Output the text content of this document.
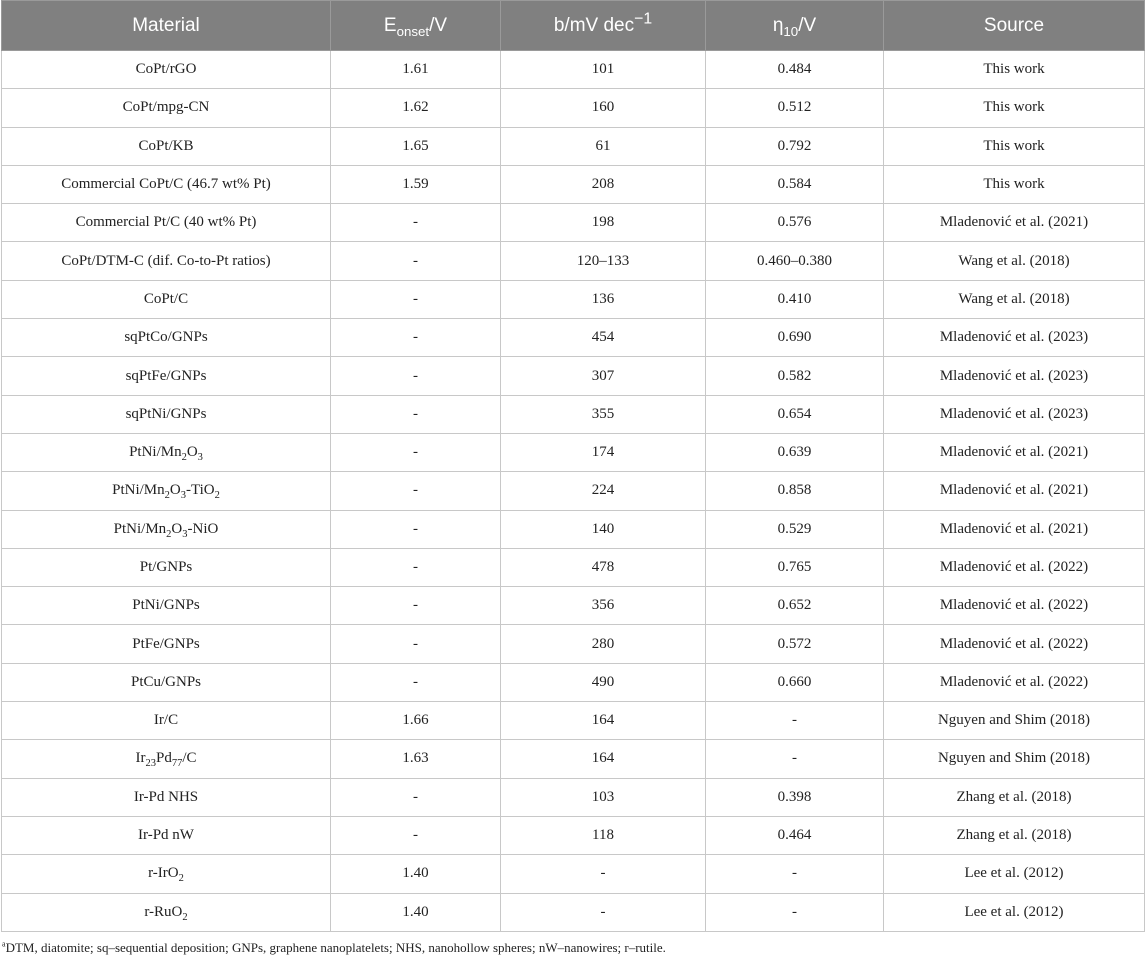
Material	$E_{onset}/V$	b/mV dec$^{-1}$	$\eta_{10}/V$	Source
CoPt/rGO	1.61	101	0.484	This work
CoPt/mpg-CN	1.62	160	0.512	This work
CoPt/KB	1.65	61	0.792	This work
Commercial CoPt/C (46.7 wt% Pt)	1.59	208	0.584	This work
Commercial Pt/C (40 wt% Pt)	-	198	0.576	Mladenović et al. (2021)
CoPt/DTM-C (dif. Co-to-Pt ratios)	-	120–133	0.460–0.380	Wang et al. (2018)
CoPt/C	-	136	0.410	Wang et al. (2018)
sqPtCo/GNPs	-	454	0.690	Mladenović et al. (2023)
sqPtFe/GNPs	-	307	0.582	Mladenović et al. (2023)
sqPtNi/GNPs	-	355	0.654	Mladenović et al. (2023)
PtNi/$Mn_2O_3$	-	174	0.639	Mladenović et al. (2021)
PtNi/$Mn_2O_3-TiO_2$	-	224	0.858	Mladenović et al. (2021)
PtNi/$Mn_2O_3$-NiO	-	140	0.529	Mladenović et al. (2021)
Pt/GNPs	-	478	0.765	Mladenović et al. (2022)
PtNi/GNPs	-	356	0.652	Mladenović et al. (2022)
PtFe/GNPs	-	280	0.572	Mladenović et al. (2022)
PtCu/GNPs	-	490	0.660	Mladenović et al. (2022)
Ir/C	1.66	164	-	Nguyen and Shim (2018)
$Ir_{23}Pd_{77}/C$	1.63	164	-	Nguyen and Shim (2018)
Ir-Pd NHS	-	103	0.398	Zhang et al. (2018)
Ir-Pd nW	-	118	0.464	Zhang et al. (2018)
r-IrO$_2$	1.40	-	-	Lee et al. (2012)
r-RuO$_2$	1.40	-	-	Lee et al. (2012)
$^a$DTM, diatomite; sq–sequential deposition; GNPs, graphene nanoplatelets; NHS, nanohollow spheres; nW–nanowires; r–rutile.
